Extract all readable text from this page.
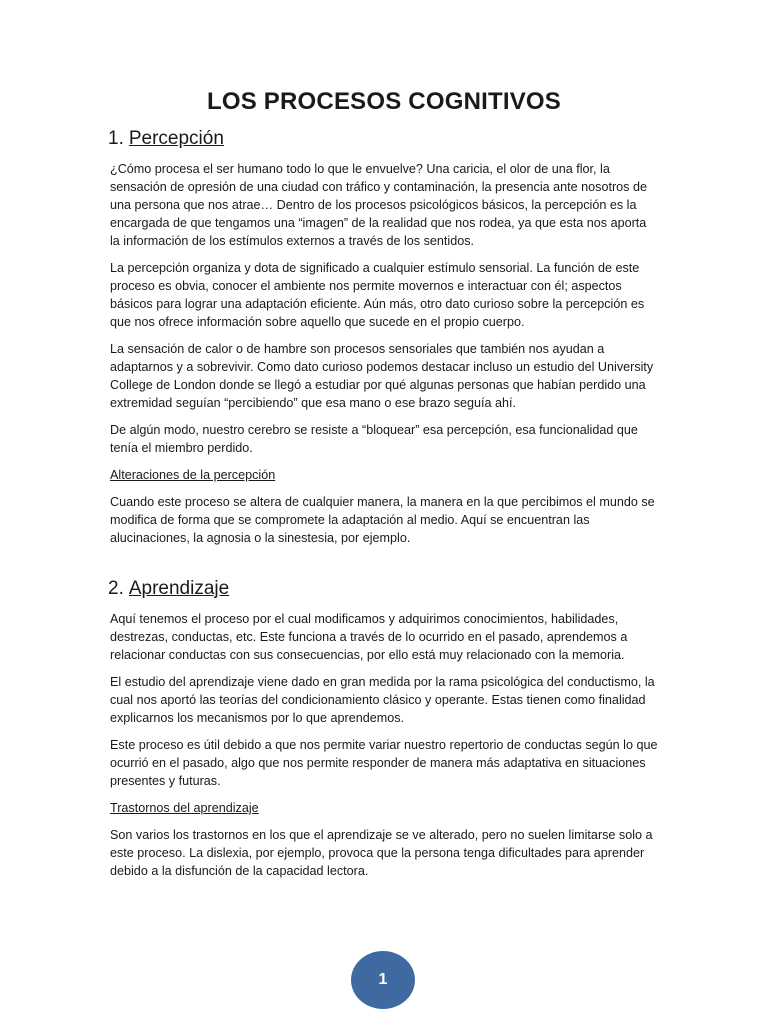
LOS PROCESOS COGNITIVOS
1. Percepción

¿Cómo procesa el ser humano todo lo que le envuelve? Una caricia, el olor de una flor, la sensación de opresión de una ciudad con tráfico y contaminación, la presencia ante nosotros de una persona que nos atrae… Dentro de los procesos psicológicos básicos, la percepción es la encargada de que tengamos una “imagen” de la realidad que nos rodea, ya que esta nos aporta la información de los estímulos externos a través de los sentidos.

La percepción organiza y dota de significado a cualquier estímulo sensorial. La función de este proceso es obvia, conocer el ambiente nos permite movernos e interactuar con él; aspectos básicos para lograr una adaptación eficiente. Aún más, otro dato curioso sobre la percepción es que nos ofrece información sobre aquello que sucede en el propio cuerpo.

La sensación de calor o de hambre son procesos sensoriales que también nos ayudan a adaptarnos y a sobrevivir. Como dato curioso podemos destacar incluso un estudio del University College de London donde se llegó a estudiar por qué algunas personas que habían perdido una extremidad seguían “percibiendo” que esa mano o ese brazo seguía ahí.

De algún modo, nuestro cerebro se resiste a “bloquear” esa percepción, esa funcionalidad que tenía el miembro perdido.

Alteraciones de la percepción

Cuando este proceso se altera de cualquier manera, la manera en la que percibimos el mundo se modifica de forma que se compromete la adaptación al medio. Aquí se encuentran las alucinaciones, la agnosia o la sinestesia, por ejemplo.

2. Aprendizaje

Aquí tenemos el proceso por el cual modificamos y adquirimos conocimientos, habilidades, destrezas, conductas, etc. Este funciona a través de lo ocurrido en el pasado, aprendemos a relacionar conductas con sus consecuencias, por ello está muy relacionado con la memoria.

El estudio del aprendizaje viene dado en gran medida por la rama psicológica del conductismo, la cual nos aportó las teorías del condicionamiento clásico y operante. Estas tienen como finalidad explicarnos los mecanismos por lo que aprendemos.

Este proceso es útil debido a que nos permite variar nuestro repertorio de conductas según lo que ocurrió en el pasado, algo que nos permite responder de manera más adaptativa en situaciones presentes y futuras.

Trastornos del aprendizaje

Son varios los trastornos en los que el aprendizaje se ve alterado, pero no suelen limitarse solo a este proceso. La dislexia, por ejemplo, provoca que la persona tenga dificultades para aprender debido a la disfunción de la capacidad lectora.

1
